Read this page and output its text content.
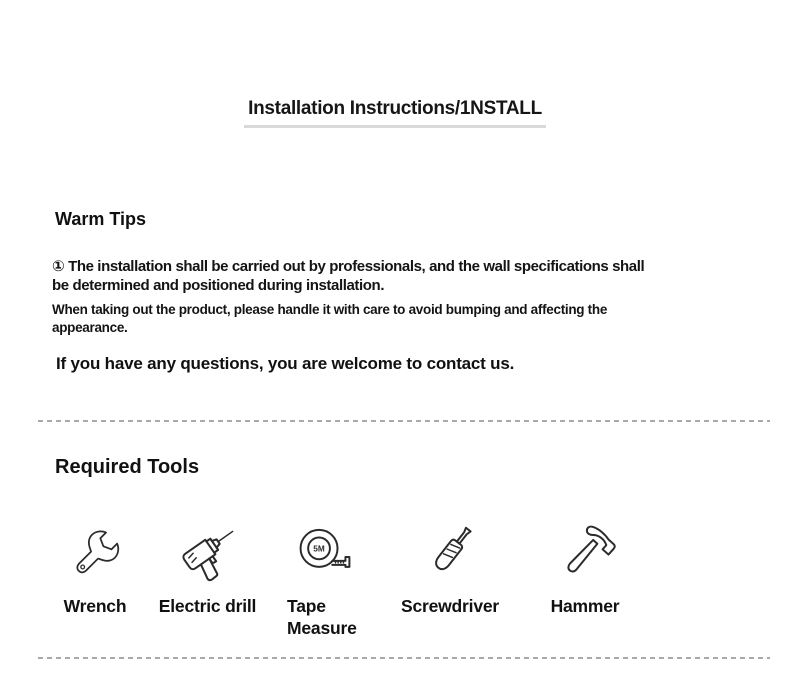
Installation Instructions/1NSTALL
Warm Tips
① The installation shall be carried out by professionals, and the wall specifications shall be determined and positioned during installation.
When taking out the product, please handle it with care to avoid bumping and affecting the appearance.
If you have any questions, you are welcome to contact us.
Required Tools
Wrench Electric drill
5M
Tape Measure
Screwdriver	Hammer
